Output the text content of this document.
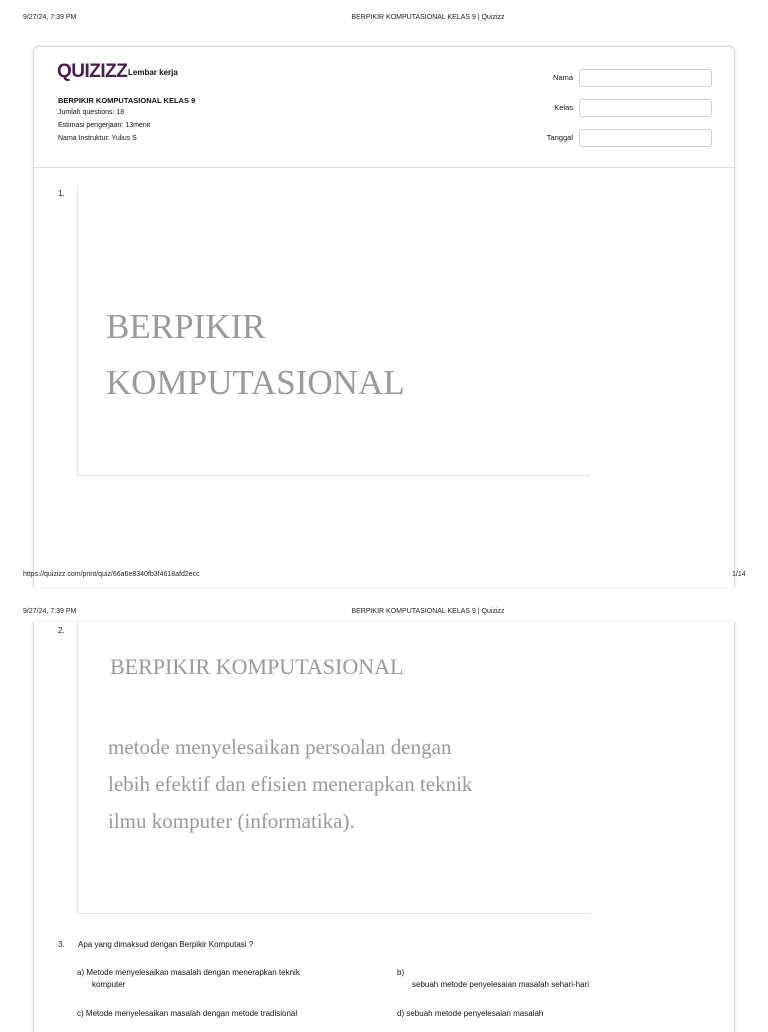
9/27/24, 7:39 PM	BERPIKIR KOMPUTASIONAL KELAS 9 | Quizizz
QUIZIZZ Lembar kerja
BERPIKIR KOMPUTASIONAL KELAS 9
Jumlah questions: 18
Estimasi pengerjaan: 13menit
Nama Instruktur: Yulius S
Nama
Kelas
Tanggal
1.
BERPIKIR
KOMPUTASIONAL
https://quizizz.com/print/quiz/66a6e8340fb3f4618afd2ecc	1/14
9/27/24, 7:39 PM	BERPIKIR KOMPUTASIONAL KELAS 9 | Quizizz
2.
BERPIKIR KOMPUTASIONAL
metode menyelesaikan persoalan dengan
lebih efektif dan efisien menerapkan teknik
ilmu komputer (informatika).
3. Apa yang dimaksud dengan Berpikir Komputasi ?
a) Metode menyelesaikan masalah dengan menerapkan teknik
komputer
b)
sebuah metode penyelesaian masalah sehari-hari
c) Metode menyelesaikan masalah dengan metode tradisional	d) sebuah metode penyelesaian masalah
